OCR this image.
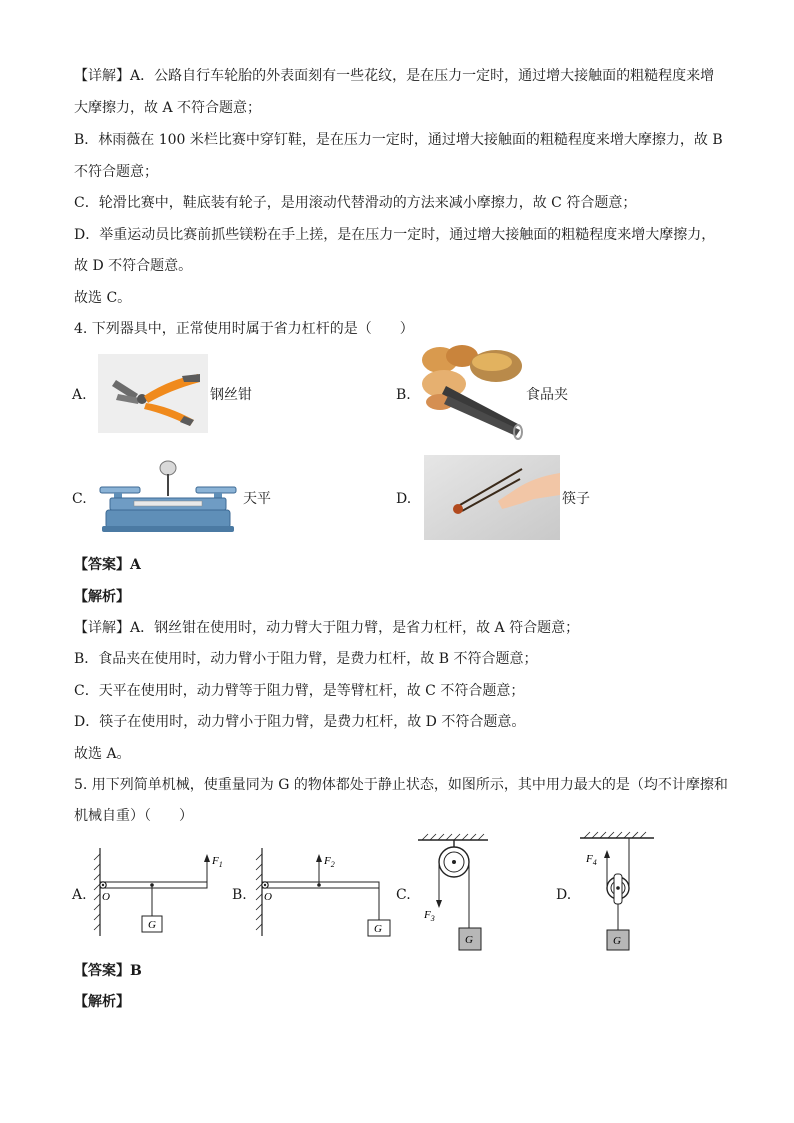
【详解】A．公路自行车轮胎的外表面刻有一些花纹，是在压力一定时，通过增大接触面的粗糙程度来增
大摩擦力，故 A 不符合题意；
B．林雨薇在 100 米栏比赛中穿钉鞋，是在压力一定时，通过增大接触面的粗糙程度来增大摩擦力，故 B
不符合题意；
C．轮滑比赛中，鞋底装有轮子，是用滚动代替滑动的方法来减小摩擦力，故 C 符合题意；
D．举重运动员比赛前抓些镁粉在手上搓，是在压力一定时，通过增大接触面的粗糙程度来增大摩擦力，
故 D 不符合题意。
故选 C。
4. 下列器具中，正常使用时属于省力杠杆的是（　　）
A.	钢丝钳	B.	食品夹
C.	天平	D.	筷子
【答案】A
【解析】
【详解】A．钢丝钳在使用时，动力臂大于阻力臂，是省力杠杆，故 A 符合题意；
B．食品夹在使用时，动力臂小于阻力臂，是费力杠杆，故 B 不符合题意；
C．天平在使用时，动力臂等于阻力臂，是等臂杠杆，故 C 不符合题意；
D．筷子在使用时，动力臂小于阻力臂，是费力杠杆，故 D 不符合题意。
故选 A。
5. 用下列简单机械，使重量同为 G 的物体都处于静止状态，如图所示，其中用力最大的是（均不计摩擦和
机械自重）（　　）
A. O
$F_1$
G
B. O
$F_2$
G
C.
$F_3$
G
D.
$F_4$
G
【答案】B
【解析】
